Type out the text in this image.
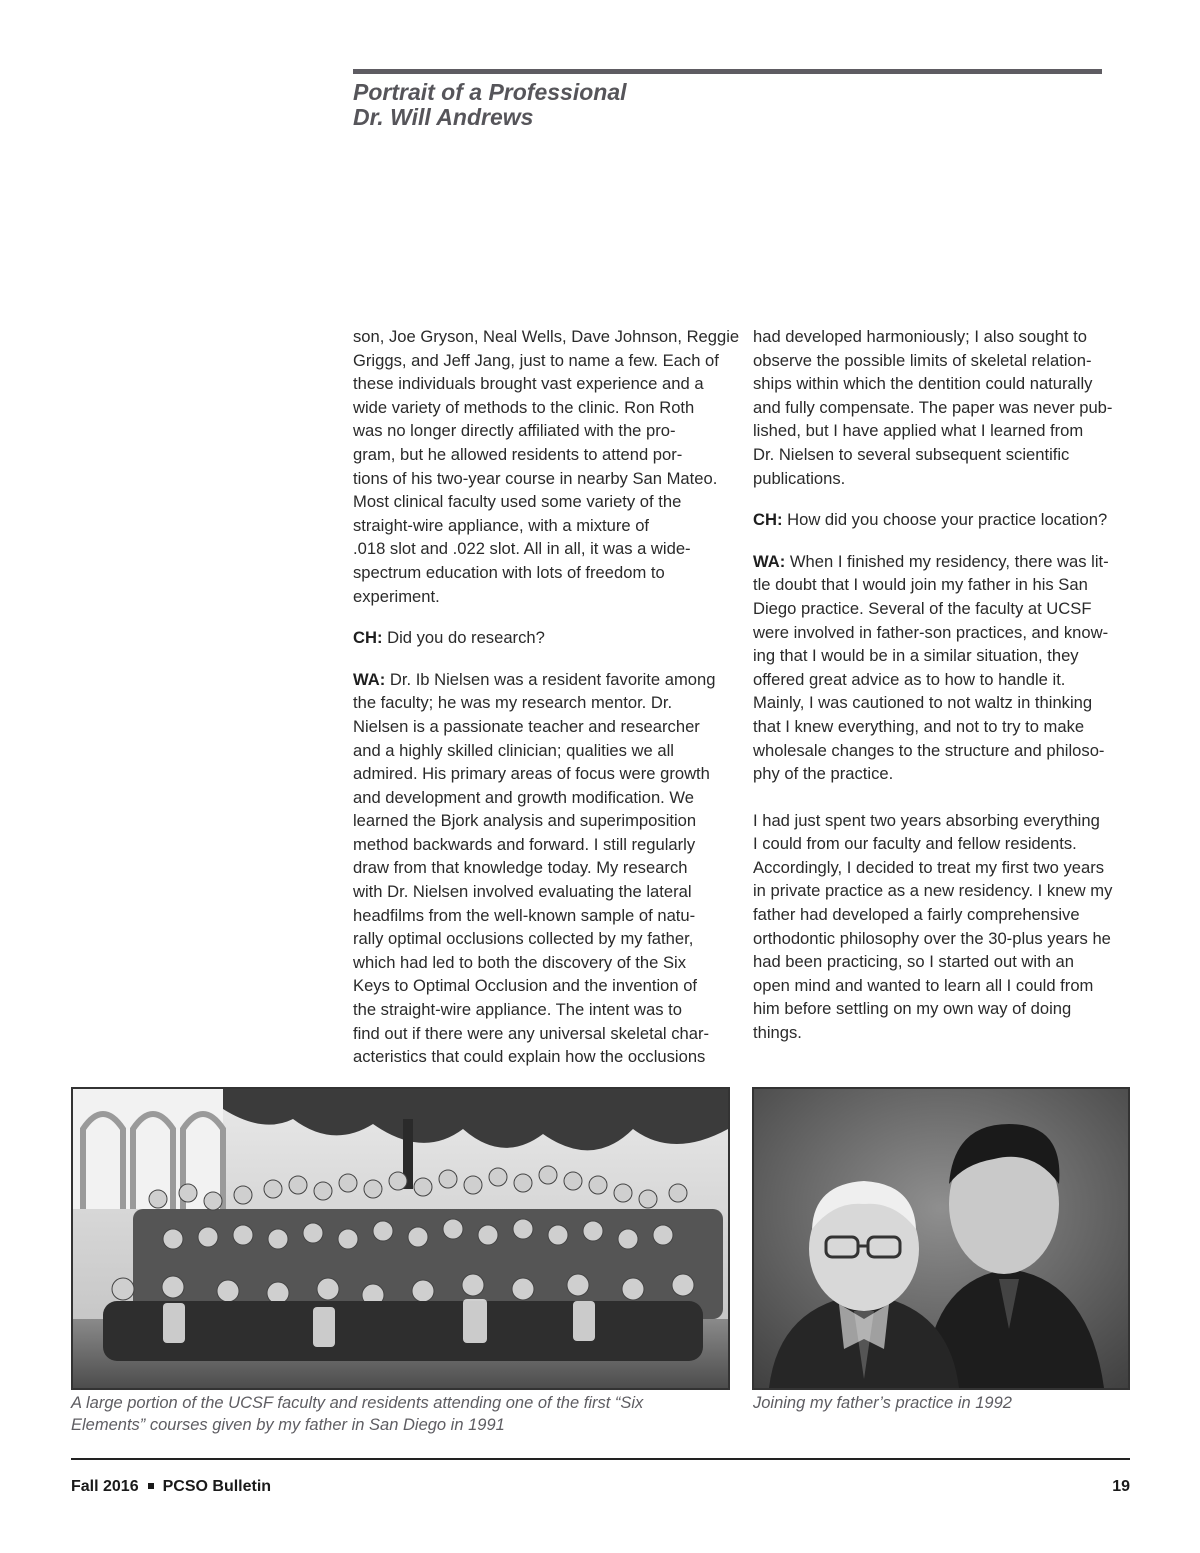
Portrait of a Professional
Dr. Will Andrews

son, Joe Gryson, Neal Wells, Dave Johnson, Reggie
Griggs, and Jeff Jang, just to name a few. Each of
these individuals brought vast experience and a
wide variety of methods to the clinic. Ron Roth
was no longer directly affiliated with the pro-
gram, but he allowed residents to attend por-
tions of his two-year course in nearby San Mateo.
Most clinical faculty used some variety of the
straight-wire appliance, with a mixture of
.018 slot and .022 slot. All in all, it was a wide-
spectrum education with lots of freedom to
experiment.

CH: Did you do research?

WA: Dr. Ib Nielsen was a resident favorite among
the faculty; he was my research mentor. Dr.
Nielsen is a passionate teacher and researcher
and a highly skilled clinician; qualities we all
admired. His primary areas of focus were growth
and development and growth modification. We
learned the Bjork analysis and superimposition
method backwards and forward. I still regularly
draw from that knowledge today. My research
with Dr. Nielsen involved evaluating the lateral
headfilms from the well-known sample of natu-
rally optimal occlusions collected by my father,
which had led to both the discovery of the Six
Keys to Optimal Occlusion and the invention of
the straight-wire appliance. The intent was to
find out if there were any universal skeletal char-
acteristics that could explain how the occlusions

had developed harmoniously; I also sought to
observe the possible limits of skeletal relation-
ships within which the dentition could naturally
and fully compensate. The paper was never pub-
lished, but I have applied what I learned from
Dr. Nielsen to several subsequent scientific
publications.

CH: How did you choose your practice location?

WA: When I finished my residency, there was lit-
tle doubt that I would join my father in his San
Diego practice. Several of the faculty at UCSF
were involved in father-son practices, and know-
ing that I would be in a similar situation, they
offered great advice as to how to handle it.
Mainly, I was cautioned to not waltz in thinking
that I knew everything, and not to try to make
wholesale changes to the structure and philoso-
phy of the practice.
I had just spent two years absorbing everything
I could from our faculty and fellow residents.
Accordingly, I decided to treat my first two years
in private practice as a new residency. I knew my
father had developed a fairly comprehensive
orthodontic philosophy over the 30-plus years he
had been practicing, so I started out with an
open mind and wanted to learn all I could from
him before settling on my own way of doing
things.

A large portion of the UCSF faculty and residents attending one of the first “Six
Elements” courses given by my father in San Diego in 1991
Joining my father’s practice in 1992
Fall 2016 PCSO Bulletin	19
